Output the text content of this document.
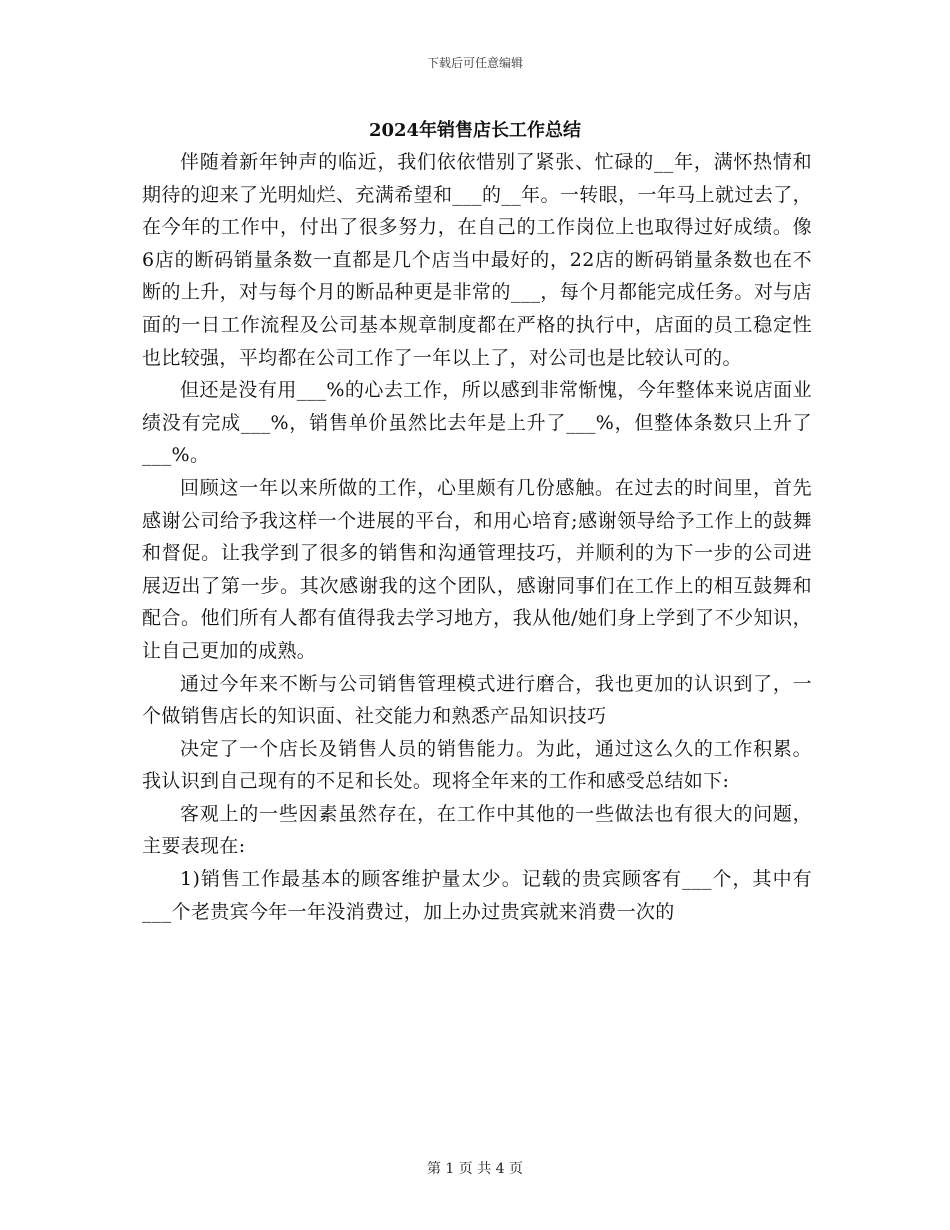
下载后可任意编辑
2024年销售店长工作总结

伴随着新年钟声的临近，我们依依惜别了紧张、忙碌的__年，满怀热情和期待的迎来了光明灿烂、充满希望和___的__年。一转眼，一年马上就过去了，在今年的工作中，付出了很多努力，在自己的工作岗位上也取得过好成绩。像6店的断码销量条数一直都是几个店当中最好的，22店的断码销量条数也在不断的上升，对与每个月的断品种更是非常的___，每个月都能完成任务。对与店面的一日工作流程及公司基本规章制度都在严格的执行中，店面的员工稳定性也比较强，平均都在公司工作了一年以上了，对公司也是比较认可的。

但还是没有用___%的心去工作，所以感到非常惭愧，今年整体来说店面业绩没有完成___%，销售单价虽然比去年是上升了___%，但整体条数只上升了___%。

回顾这一年以来所做的工作，心里颇有几份感触。在过去的时间里，首先感谢公司给予我这样一个进展的平台，和用心培育;感谢领导给予工作上的鼓舞和督促。让我学到了很多的销售和沟通管理技巧，并顺利的为下一步的公司进展迈出了第一步。其次感谢我的这个团队，感谢同事们在工作上的相互鼓舞和配合。他们所有人都有值得我去学习地方，我从他/她们身上学到了不少知识，让自己更加的成熟。

通过今年来不断与公司销售管理模式进行磨合，我也更加的认识到了，一个做销售店长的知识面、社交能力和熟悉产品知识技巧

决定了一个店长及销售人员的销售能力。为此，通过这么久的工作积累。我认识到自己现有的不足和长处。现将全年来的工作和感受总结如下:

客观上的一些因素虽然存在，在工作中其他的一些做法也有很大的问题，主要表现在:

1)销售工作最基本的顾客维护量太少。记载的贵宾顾客有___个，其中有___个老贵宾今年一年没消费过，加上办过贵宾就来消费一次的

第 1 页 共 4 页
